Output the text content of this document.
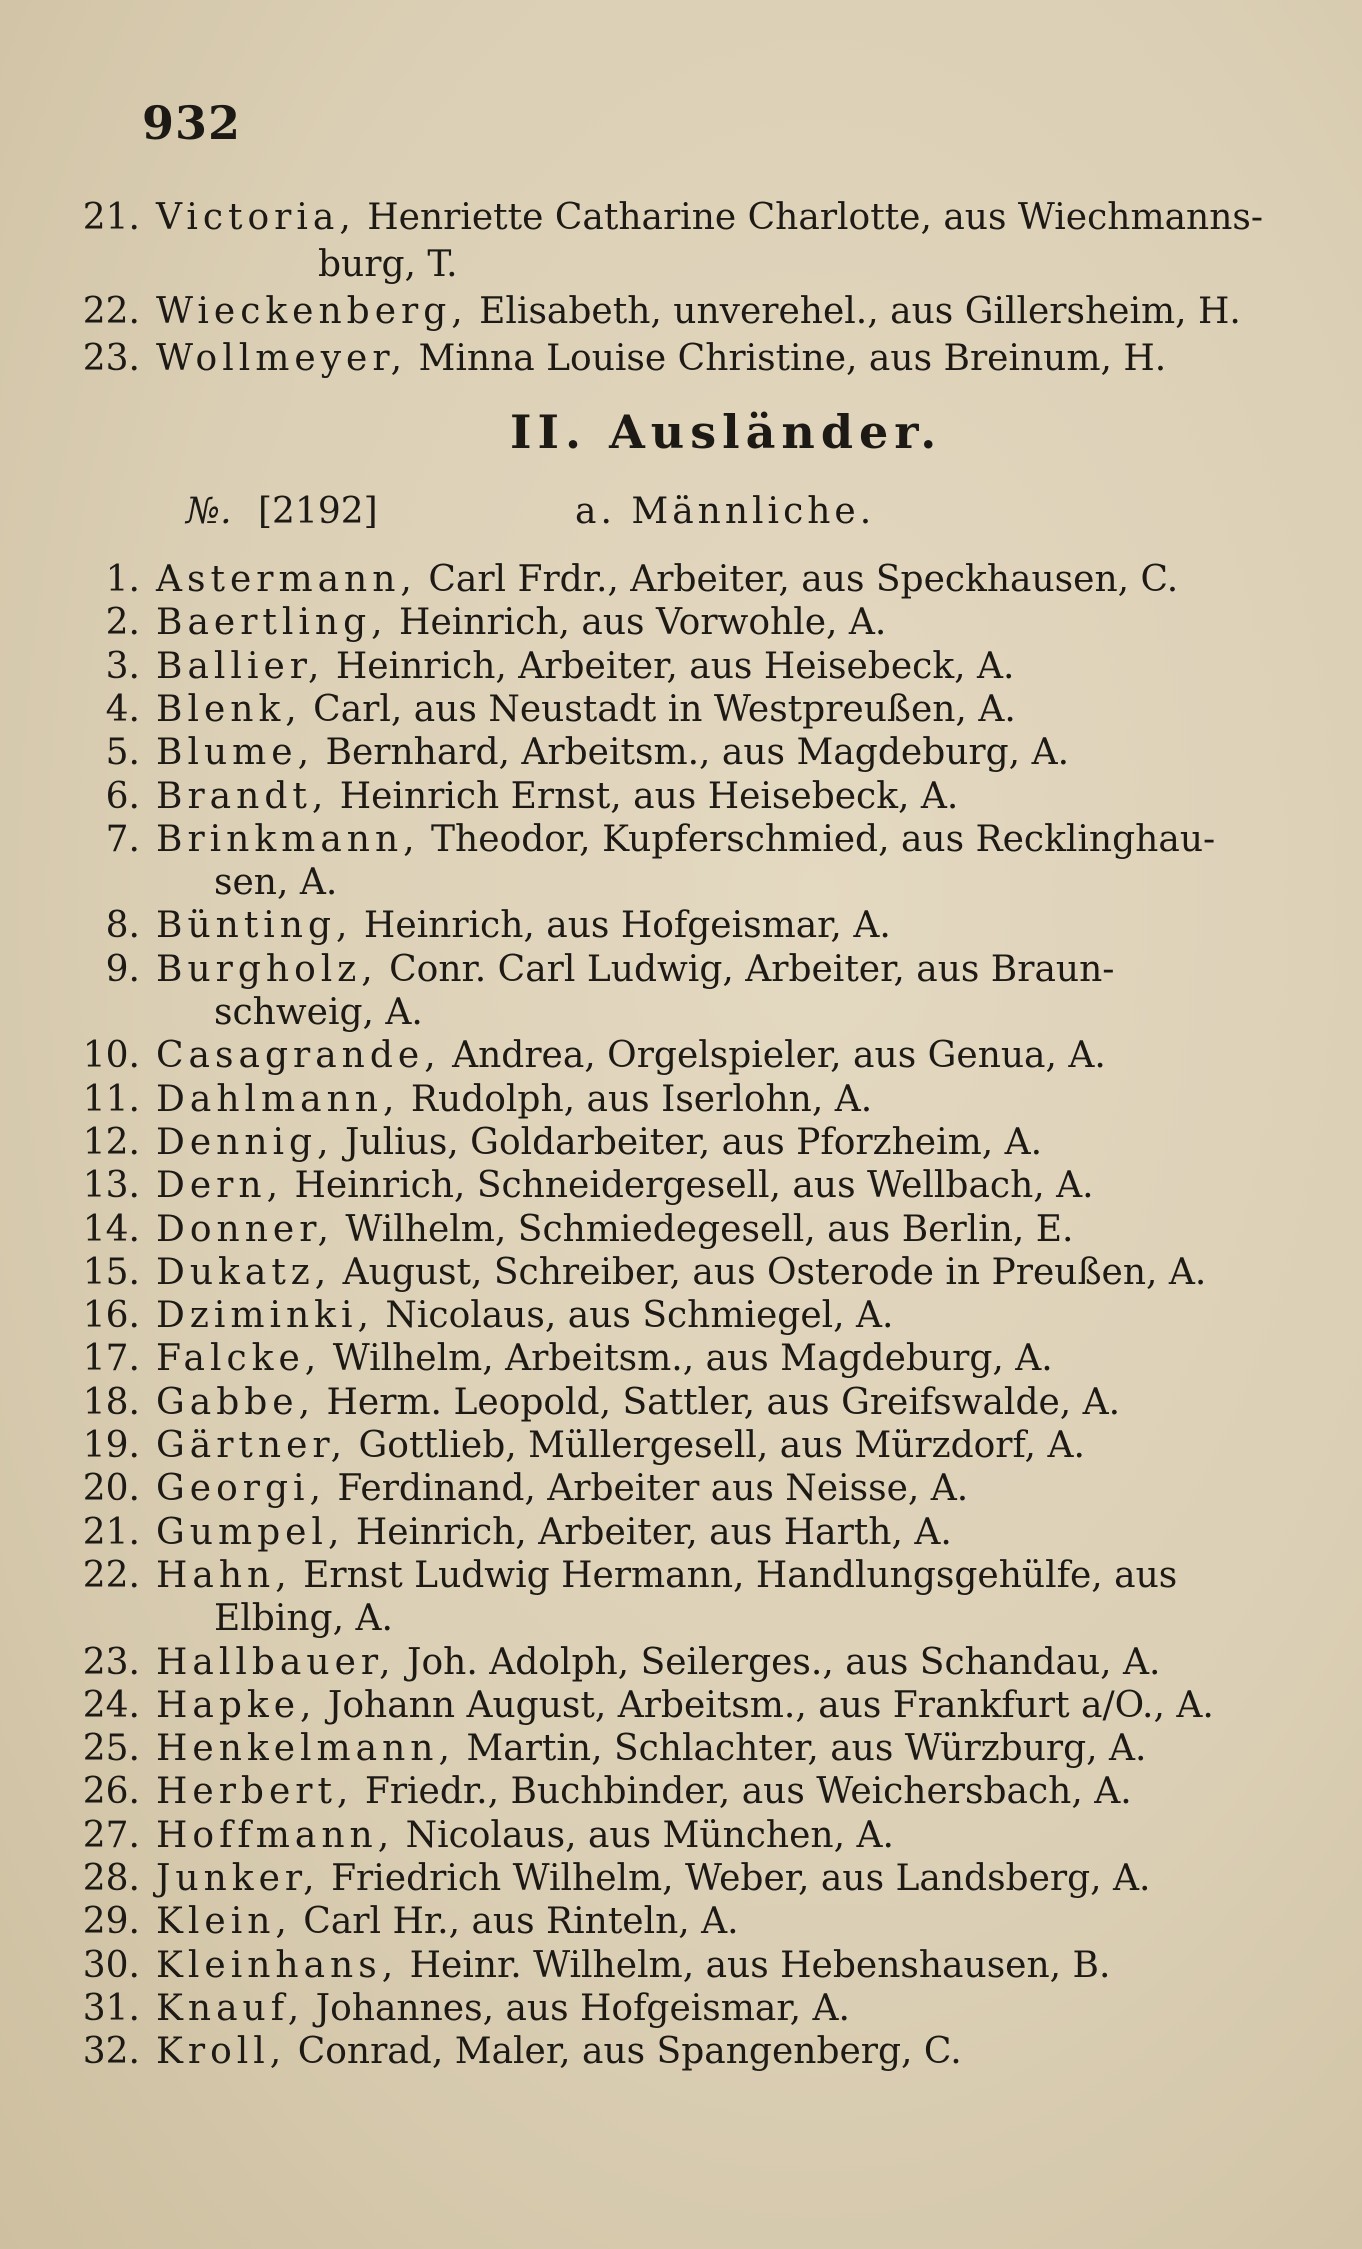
932
21. Victoria, Henriette Catharine Charlotte, aus Wiechmanns-
burg, T.
22. Wieckenberg, Elisabeth, unverehel., aus Gillersheim, H.
23. Wollmeyer, Minna Louise Christine, aus Breinum, H.
II. Ausländer.
№. [2192]	a. Männliche.
1. Astermann, Carl Frdr., Arbeiter, aus Speckhausen, C.
2. Baertling, Heinrich, aus Vorwohle, A.
3. Ballier, Heinrich, Arbeiter, aus Heisebeck, A.
4. Blenk, Carl, aus Neustadt in Westpreußen, A.
5. Blume, Bernhard, Arbeitsm., aus Magdeburg, A.
6. Brandt, Heinrich Ernst, aus Heisebeck, A.
7. Brinkmann, Theodor, Kupferschmied, aus Recklinghau-
sen, A.
8. Bünting, Heinrich, aus Hofgeismar, A.
9. Burgholz, Conr. Carl Ludwig, Arbeiter, aus Braun-
schweig, A.
10. Casagrande, Andrea, Orgelspieler, aus Genua, A.
11. Dahlmann, Rudolph, aus Iserlohn, A.
12. Dennig, Julius, Goldarbeiter, aus Pforzheim, A.
13. Dern, Heinrich, Schneidergesell, aus Wellbach, A.
14. Donner, Wilhelm, Schmiedegesell, aus Berlin, E.
15. Dukatz, August, Schreiber, aus Osterode in Preußen, A.
16. Dziminki, Nicolaus, aus Schmiegel, A.
17. Falcke, Wilhelm, Arbeitsm., aus Magdeburg, A.
18. Gabbe, Herm. Leopold, Sattler, aus Greifswalde, A.
19. Gärtner, Gottlieb, Müllergesell, aus Mürzdorf, A.
20. Georgi, Ferdinand, Arbeiter aus Neisse, A.
21. Gumpel, Heinrich, Arbeiter, aus Harth, A.
22. Hahn, Ernst Ludwig Hermann, Handlungsgehülfe, aus
Elbing, A.
23. Hallbauer, Joh. Adolph, Seilerges., aus Schandau, A.
24. Hapke, Johann August, Arbeitsm., aus Frankfurt a/O., A.
25. Henkelmann, Martin, Schlachter, aus Würzburg, A.
26. Herbert, Friedr., Buchbinder, aus Weichersbach, A.
27. Hoffmann, Nicolaus, aus München, A.
28. Junker, Friedrich Wilhelm, Weber, aus Landsberg, A.
29. Klein, Carl Hr., aus Rinteln, A.
30. Kleinhans, Heinr. Wilhelm, aus Hebenshausen, B.
31. Knauf, Johannes, aus Hofgeismar, A.
32. Kroll, Conrad, Maler, aus Spangenberg, C.
